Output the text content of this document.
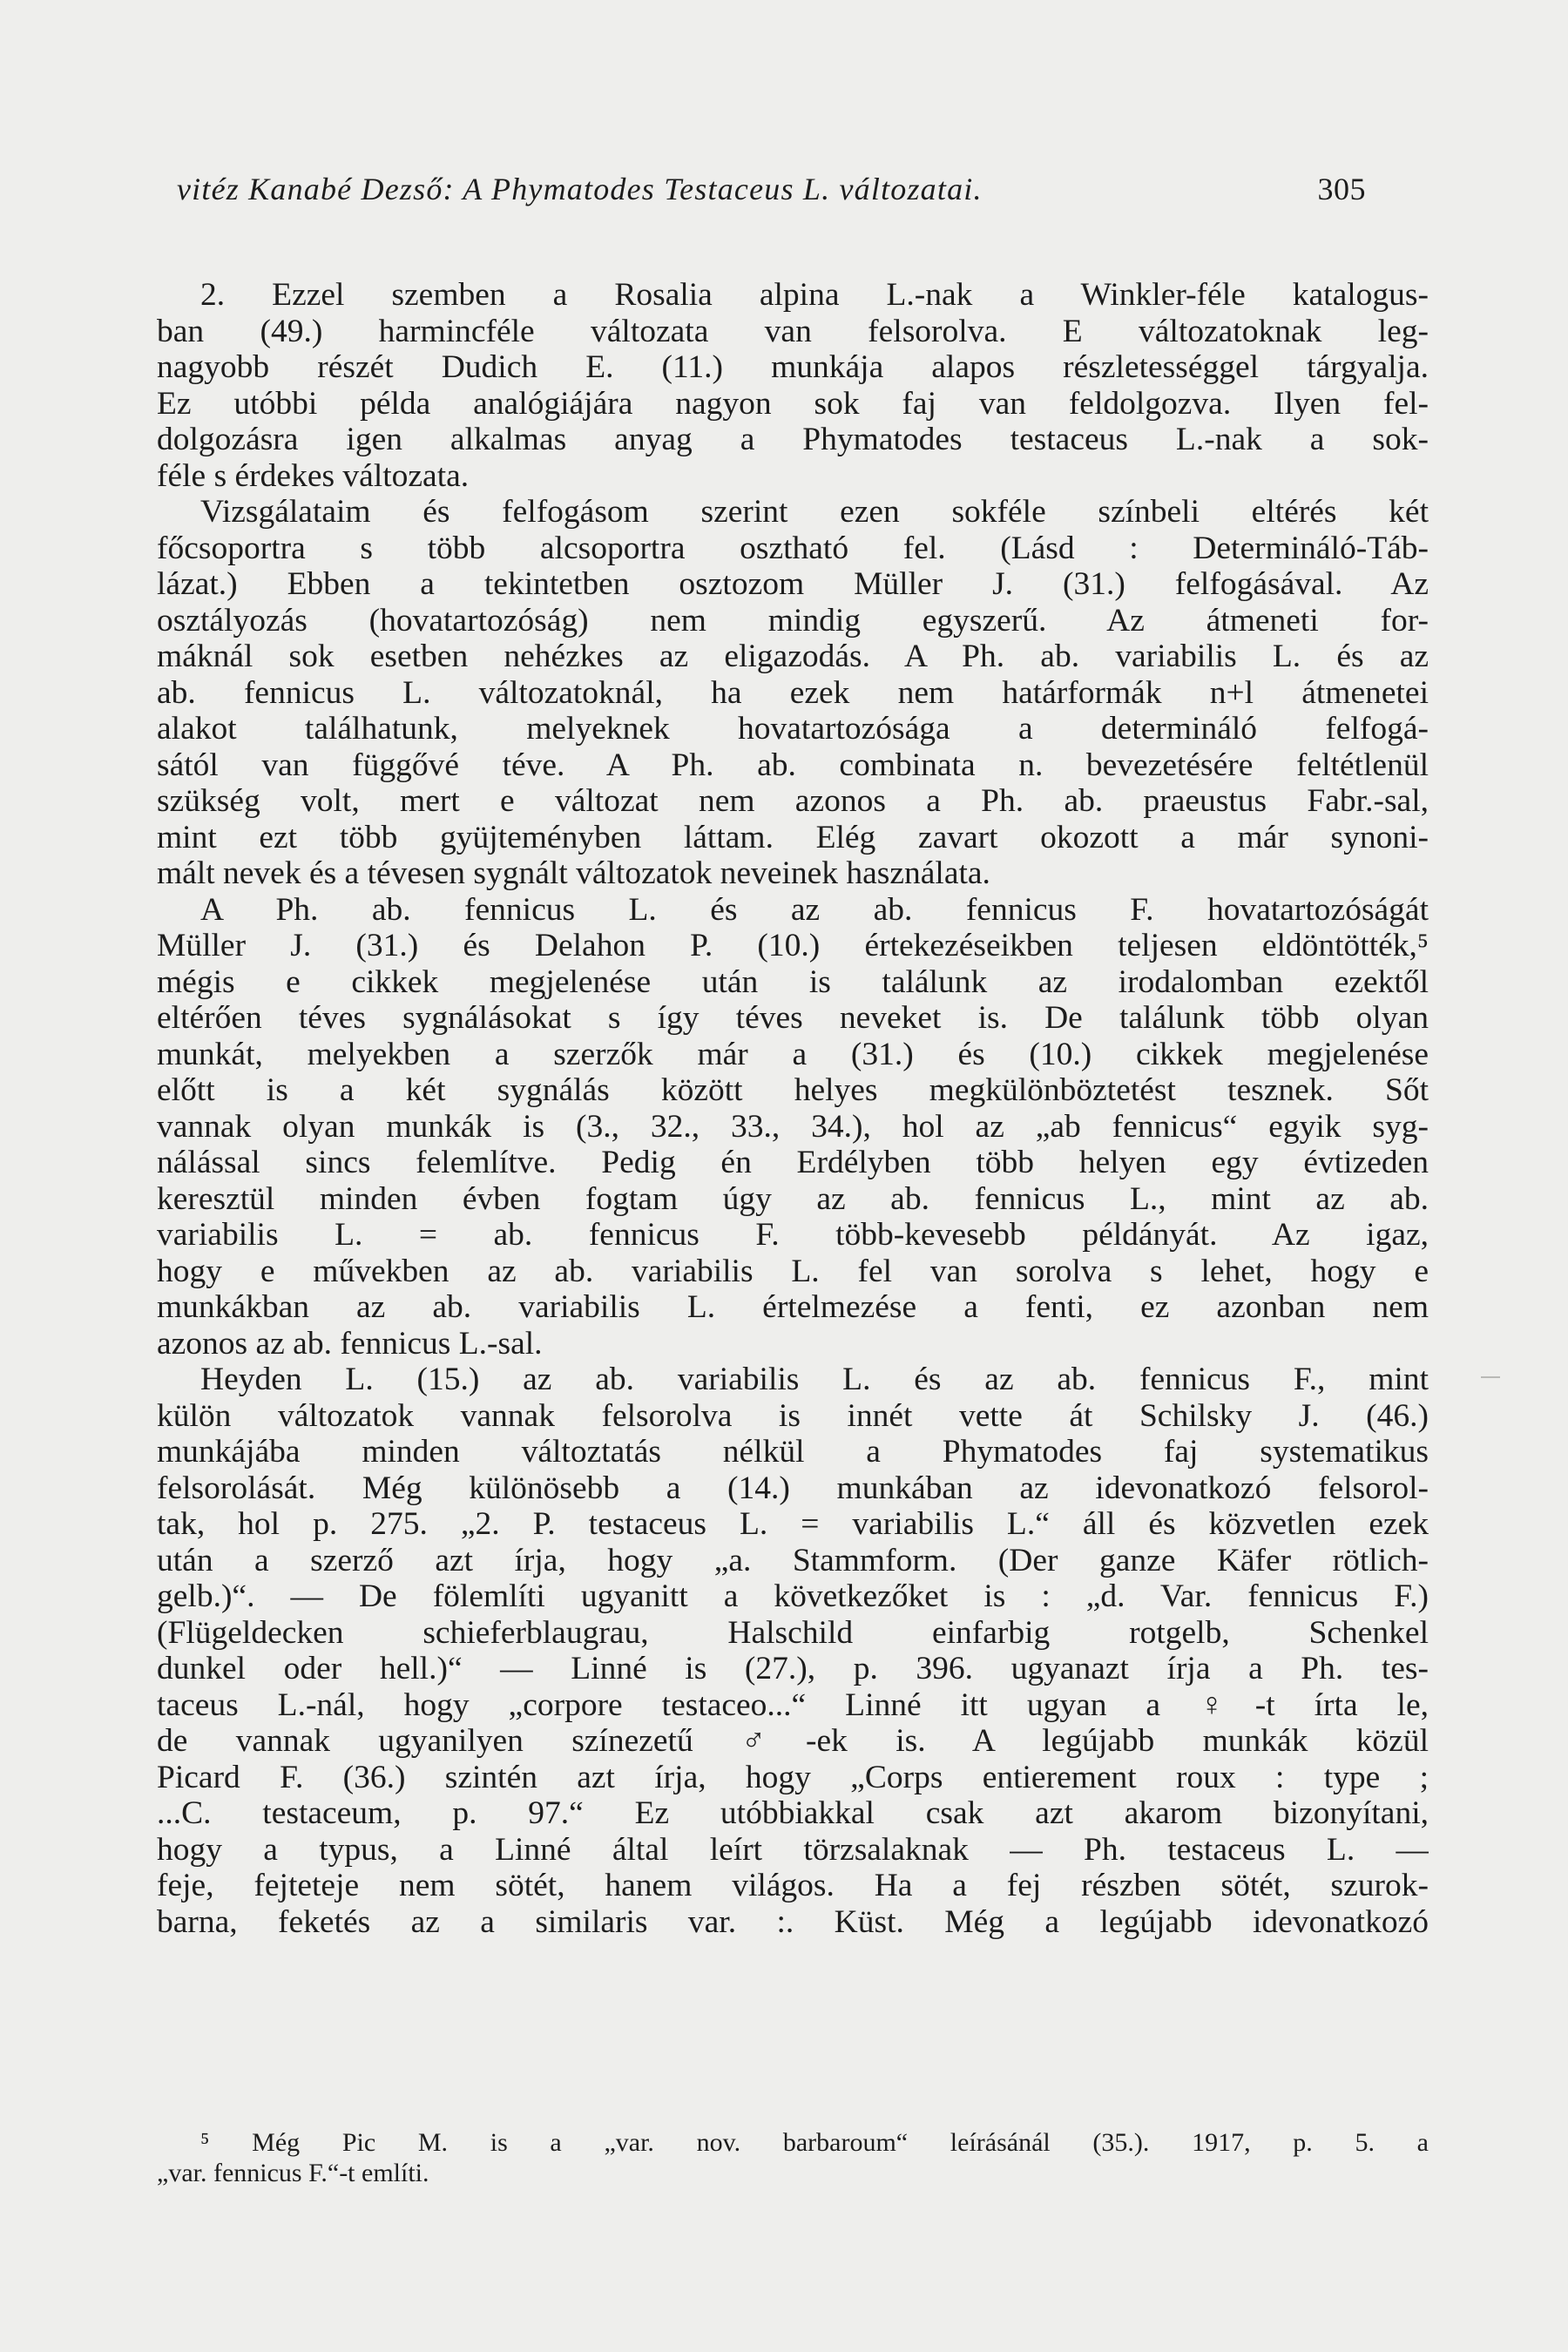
vitéz Kanabé Dezső: A Phymatodes Testaceus L. változatai.	305
2. Ezzel szemben a Rosalia alpina L.-nak a Winkler-féle katalogus-
ban (49.) harmincféle változata van felsorolva. E változatoknak leg-
nagyobb részét Dudich E. (11.) munkája alapos részletességgel tárgyalja.
Ez utóbbi példa analógiájára nagyon sok faj van feldolgozva. Ilyen fel-
dolgozásra igen alkalmas anyag a Phymatodes testaceus L.-nak a sok-
féle s érdekes változata.
Vizsgálataim és felfogásom szerint ezen sokféle színbeli eltérés két
főcsoportra s több alcsoportra osztható fel. (Lásd : Determináló-Táb-
lázat.) Ebben a tekintetben osztozom Müller J. (31.) felfogásával. Az
osztályozás (hovatartozóság) nem mindig egyszerű. Az átmeneti for-
máknál sok esetben nehézkes az eligazodás. A Ph. ab. variabilis L. és az
ab. fennicus L. változatoknál, ha ezek nem határformák n+l átmenetei
alakot találhatunk, melyeknek hovatartozósága a determináló felfogá-
sától van függővé téve. A Ph. ab. combinata n. bevezetésére feltétlenül
szükség volt, mert e változat nem azonos a Ph. ab. praeustus Fabr.-sal,
mint ezt több gyüjteményben láttam. Elég zavart okozott a már synoni-
mált nevek és a tévesen sygnált változatok neveinek használata.
A Ph. ab. fennicus L. és az ab. fennicus F. hovatartozóságát
Müller J. (31.) és Delahon P. (10.) értekezéseikben teljesen eldöntötték,⁵
mégis e cikkek megjelenése után is találunk az irodalomban ezektől
eltérően téves sygnálásokat s így téves neveket is. De találunk több olyan
munkát, melyekben a szerzők már a (31.) és (10.) cikkek megjelenése
előtt is a két sygnálás között helyes megkülönböztetést tesznek. Sőt
vannak olyan munkák is (3., 32., 33., 34.), hol az „ab fennicus“ egyik syg-
nálással sincs felemlítve. Pedig én Erdélyben több helyen egy évtizeden
keresztül minden évben fogtam úgy az ab. fennicus L., mint az ab.
variabilis L. = ab. fennicus F. több-kevesebb példányát. Az igaz,
hogy e művekben az ab. variabilis L. fel van sorolva s lehet, hogy e
munkákban az ab. variabilis L. értelmezése a fenti, ez azonban nem
azonos az ab. fennicus L.-sal.
Heyden L. (15.) az ab. variabilis L. és az ab. fennicus F., mint
külön változatok vannak felsorolva is innét vette át Schilsky J. (46.)
munkájába minden változtatás nélkül a Phymatodes faj systematikus
felsorolását. Még különösebb a (14.) munkában az idevonatkozó felsorol-
tak, hol p. 275. „2. P. testaceus L. = variabilis L.“ áll és közvetlen ezek
után a szerző azt írja, hogy „a. Stammform. (Der ganze Käfer rötlich-
gelb.)“. — De fölemlíti ugyanitt a következőket is : „d. Var. fennicus F.)
(Flügeldecken schieferblaugrau, Halschild einfarbig rotgelb, Schenkel
dunkel oder hell.)“ — Linné is (27.), p. 396. ugyanazt írja a Ph. tes-
taceus L.-nál, hogy „corpore testaceo...“ Linné itt ugyan a ♀-t írta le,
de vannak ugyanilyen színezetű ♂-ek is. A legújabb munkák közül
Picard F. (36.) szintén azt írja, hogy „Corps entierement roux : type ;
...C. testaceum, p. 97.“ Ez utóbbiakkal csak azt akarom bizonyítani,
hogy a typus, a Linné által leírt törzsalaknak — Ph. testaceus L. —
feje, fejteteje nem sötét, hanem világos. Ha a fej részben sötét, szurok-
barna, feketés az a similaris var. :. Küst. Még a legújabb idevonatkozó
⁵ Még Pic M. is a „var. nov. barbaroum“ leírásánál (35.). 1917, p. 5. a
„var. fennicus F.“-t említi.
